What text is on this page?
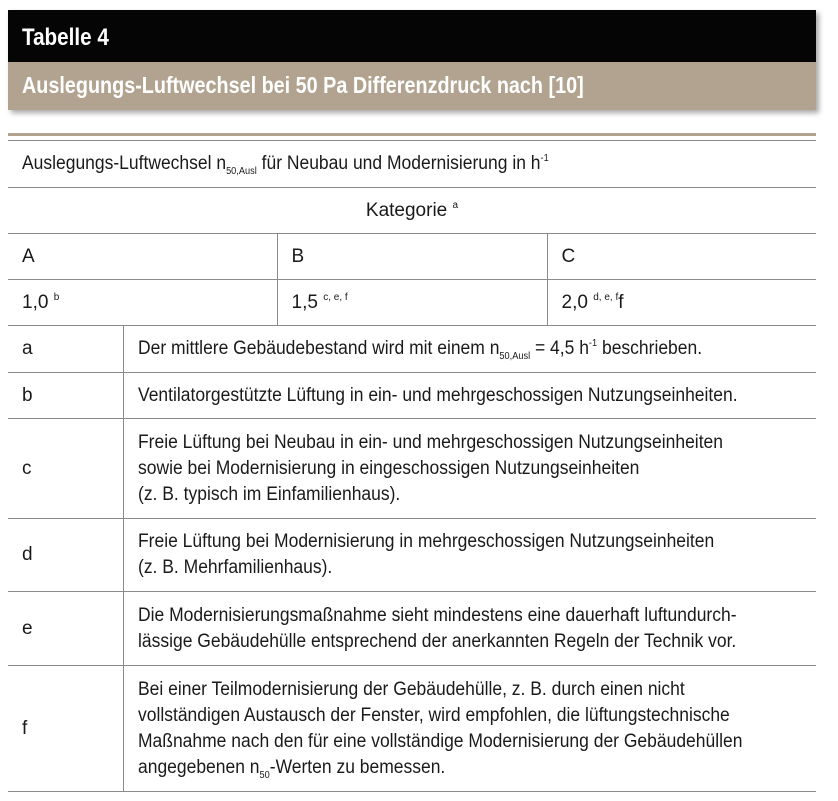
Tabelle 4
Auslegungs-Luftwechsel bei 50 Pa Differenzdruck nach [10]
Auslegungs-Luftwechsel $n_{50,Ausl}$ für Neubau und Modernisierung in $h^{-1}$
Kategorie $^a$
A		B	C
1,0 $^b$		1,5 $^{c, e, f}$	2,0 $^{d, e, f}$f
a	Der mittlere Gebäudebestand wird mit einem $n_{50,Ausl} = 4,5$ $h^{-1}$ beschrieben.		

b	Ventilatorgestützte Lüftung in ein- und mehrgeschossigen Nutzungseinheiten.		

c	Freie Lüftung bei Neubau in ein- und mehrgeschossigen Nutzungseinheiten
sowie bei Modernisierung in eingeschossigen Nutzungseinheiten
(z. B. typisch im Einfamilienhaus).		

d	Freie Lüftung bei Modernisierung in mehrgeschossigen Nutzungseinheiten
(z. B. Mehrfamilienhaus).		

e	Die Modernisierungsmaßnahme sieht mindestens eine dauerhaft luftundurch-
lässige Gebäudehülle entsprechend der anerkannten Regeln der Technik vor.		

f	Bei einer Teilmodernisierung der Gebäudehülle, z. B. durch einen nicht
vollständigen Austausch der Fenster, wird empfohlen, die lüftungstechnische
Maßnahme nach den für eine vollständige Modernisierung der Gebäudehüllen
angegebenen $n_{50}$-Werten zu bemessen.		
